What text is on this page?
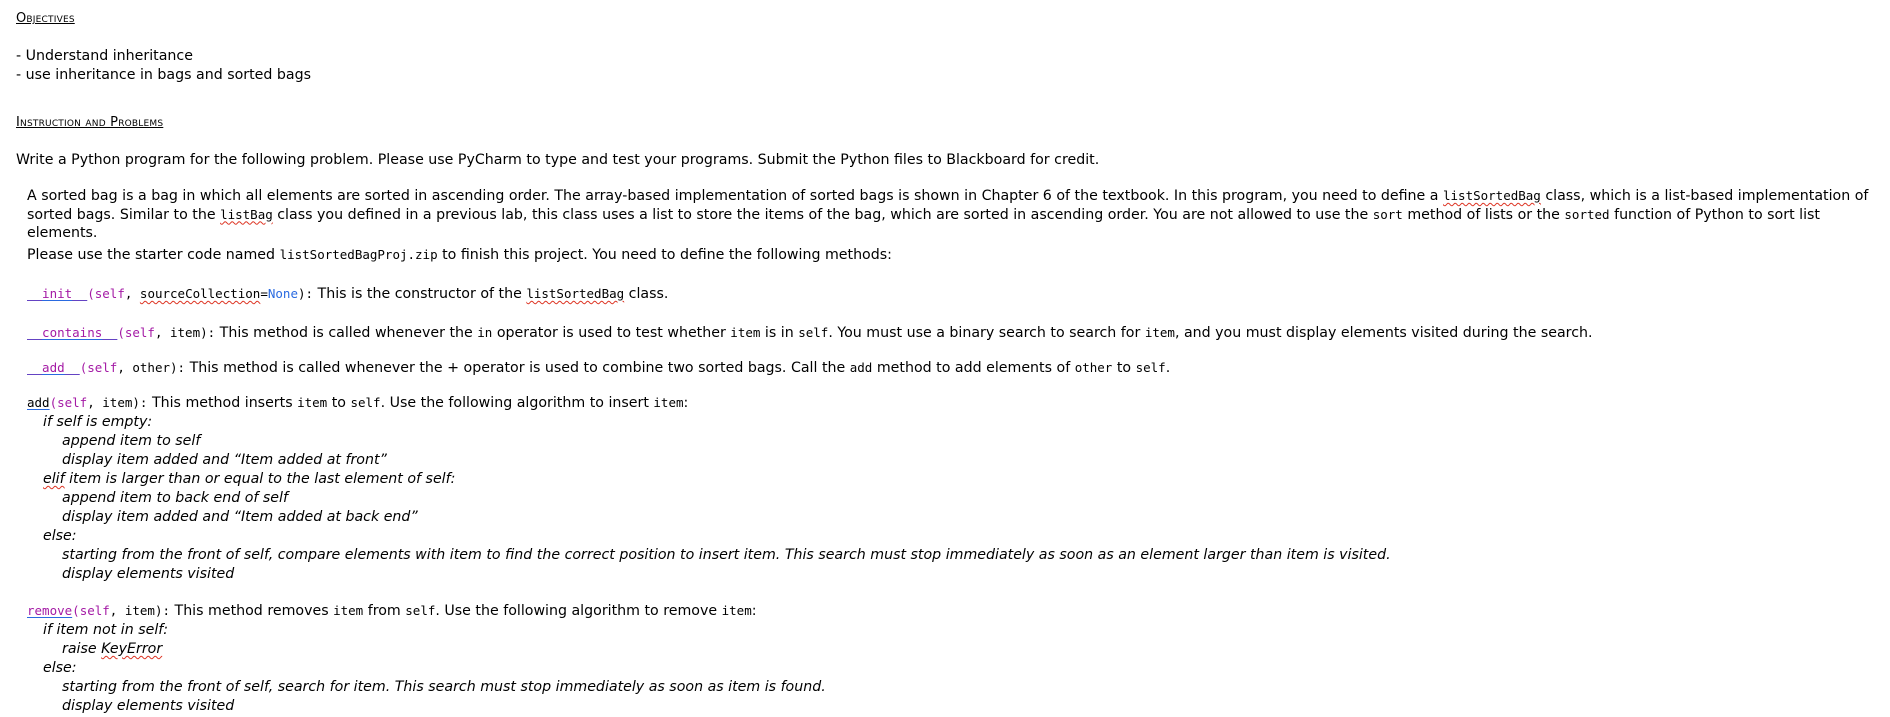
Objectives
- Understand inheritance
- use inheritance in bags and sorted bags
Instruction and Problems
Write a Python program for the following problem. Please use PyCharm to type and test your programs. Submit the Python files to Blackboard for credit.
A sorted bag is a bag in which all elements are sorted in ascending order. The array-based implementation of sorted bags is shown in Chapter 6 of the textbook. In this program, you need to define a listSortedBag class, which is a list-based implementation of sorted bags. Similar to the listBag class you defined in a previous lab, this class uses a list to store the items of the bag, which are sorted in ascending order. You are not allowed to use the sort method of lists or the sorted function of Python to sort list elements.
Please use the starter code named listSortedBagProj.zip to finish this project. You need to define the following methods:
__init__(self, sourceCollection=None): This is the constructor of the listSortedBag class.
__contains__(self, item): This method is called whenever the in operator is used to test whether item is in self. You must use a binary search to search for item, and you must display elements visited during the search.
__add__(self, other): This method is called whenever the + operator is used to combine two sorted bags. Call the add method to add elements of other to self.
add(self, item): This method inserts item to self. Use the following algorithm to insert item:
if self is empty:
append item to self
display item added and “Item added at front”
elif item is larger than or equal to the last element of self:
append item to back end of self
display item added and “Item added at back end”
else:
starting from the front of self, compare elements with item to find the correct position to insert item. This search must stop immediately as soon as an element larger than item is visited.
display elements visited
remove(self, item): This method removes item from self. Use the following algorithm to remove item:
if item not in self:
raise KeyError
else:
starting from the front of self, search for item. This search must stop immediately as soon as item is found.
display elements visited
